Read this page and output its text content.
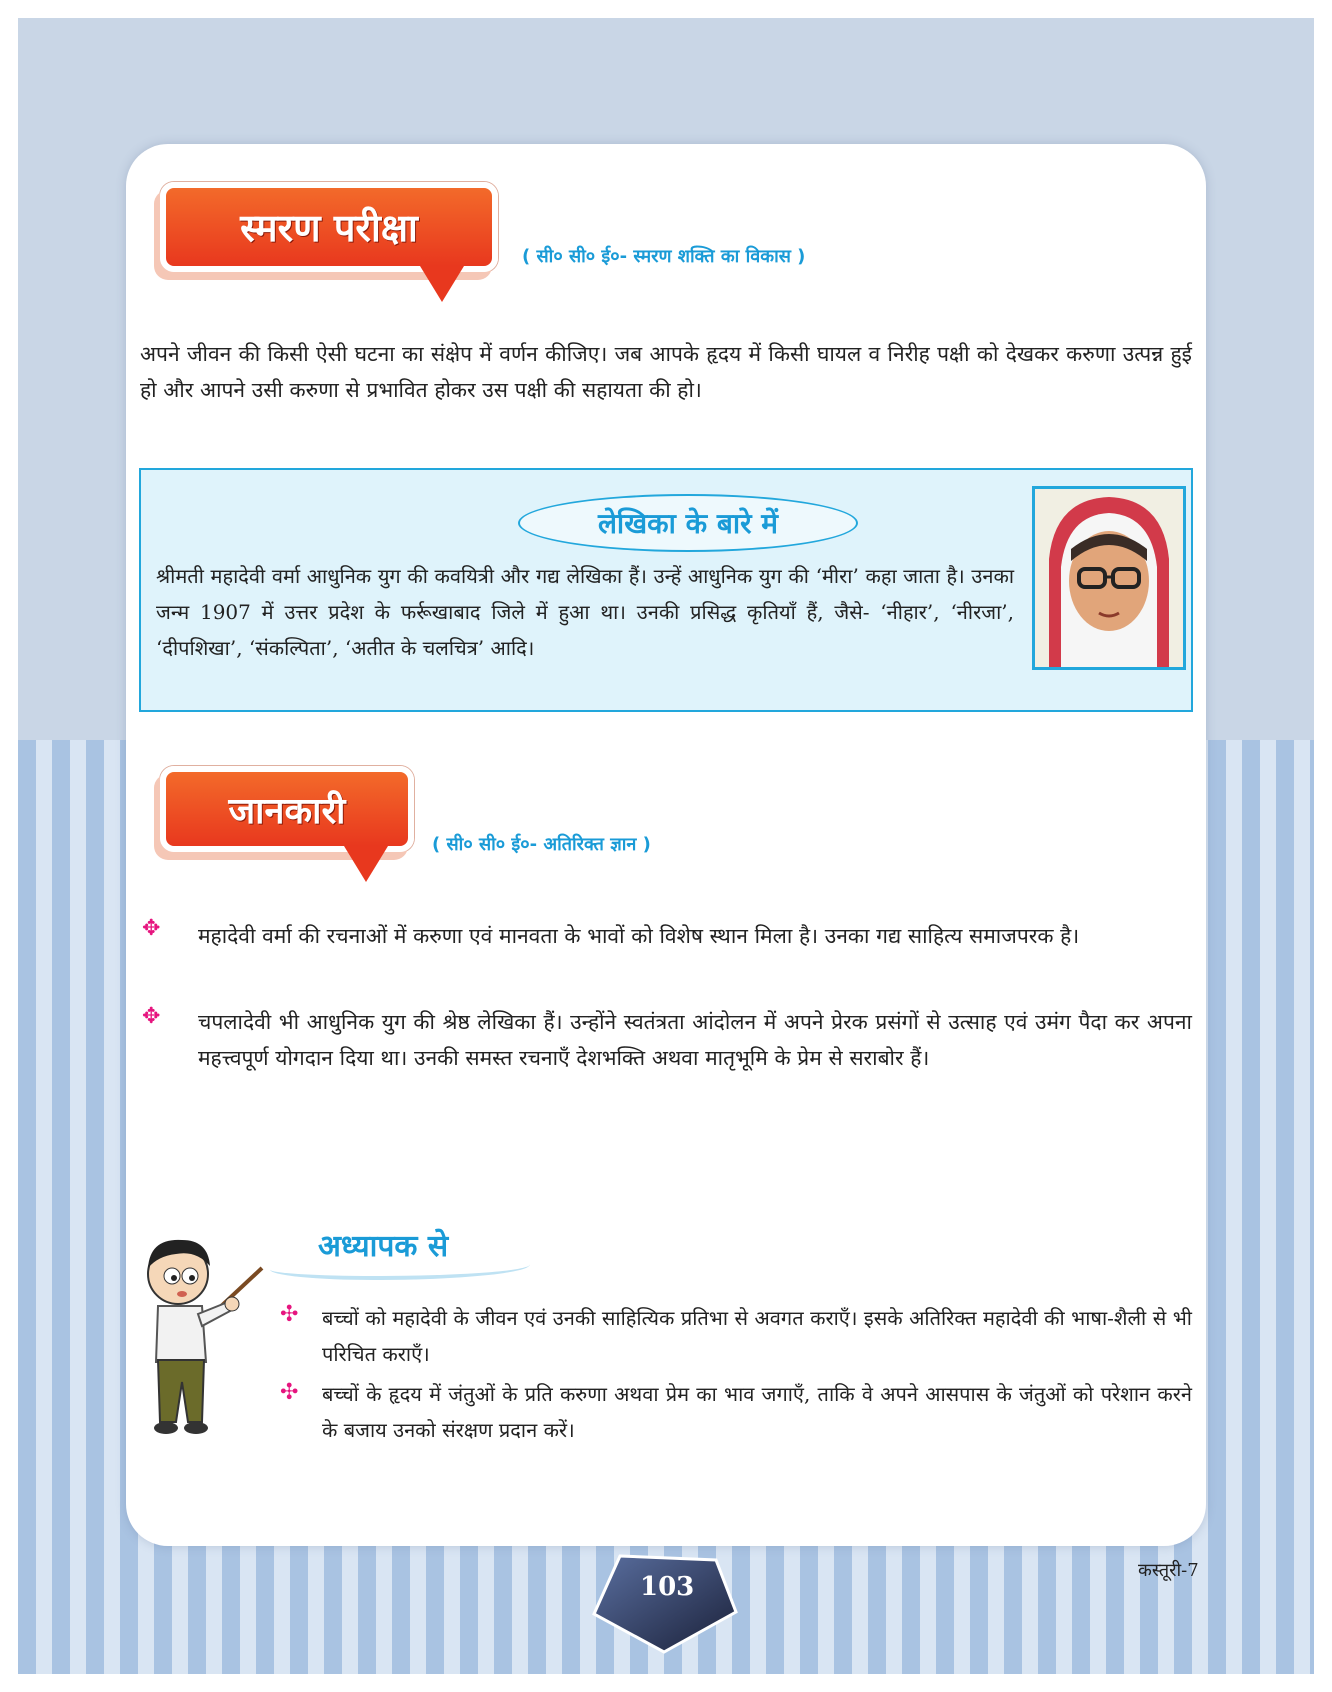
स्मरण परीक्षा
( सी० सी० ई०- स्मरण शक्ति का विकास )
अपने जीवन की किसी ऐसी घटना का संक्षेप में वर्णन कीजिए। जब आपके हृदय में किसी घायल व निरीह पक्षी को देखकर करुणा उत्पन्न हुई हो और आपने उसी करुणा से प्रभावित होकर उस पक्षी की सहायता की हो।
लेखिका के बारे में
श्रीमती महादेवी वर्मा आधुनिक युग की कवयित्री और गद्य लेखिका हैं। उन्हें आधुनिक युग की ‘मीरा’ कहा जाता है। उनका जन्म 1907 में उत्तर प्रदेश के फर्रूखाबाद जिले में हुआ था। उनकी प्रसिद्ध कृतियाँ हैं, जैसे- ‘नीहार’, ‘नीरजा’, ‘दीपशिखा’, ‘संकल्पिता’, ‘अतीत के चलचित्र’ आदि।
जानकारी
( सी० सी० ई०- अतिरिक्त ज्ञान )
✥ महादेवी वर्मा की रचनाओं में करुणा एवं मानवता के भावों को विशेष स्थान मिला है। उनका गद्य साहित्य समाजपरक है।
✥ चपलादेवी भी आधुनिक युग की श्रेष्ठ लेखिका हैं। उन्होंने स्वतंत्रता आंदोलन में अपने प्रेरक प्रसंगों से उत्साह एवं उमंग पैदा कर अपना महत्त्वपूर्ण योगदान दिया था। उनकी समस्त रचनाएँ देशभक्ति अथवा मातृभूमि के प्रेम से सराबोर हैं।
अध्यापक से
✣ बच्चों को महादेवी के जीवन एवं उनकी साहित्यिक प्रतिभा से अवगत कराएँ। इसके अतिरिक्त महादेवी की भाषा-शैली से भी परिचित कराएँ।
✣ बच्चों के हृदय में जंतुओं के प्रति करुणा अथवा प्रेम का भाव जगाएँ, ताकि वे अपने आसपास के जंतुओं को परेशान करने के बजाय उनको संरक्षण प्रदान करें।
कस्तूरी-7
103
